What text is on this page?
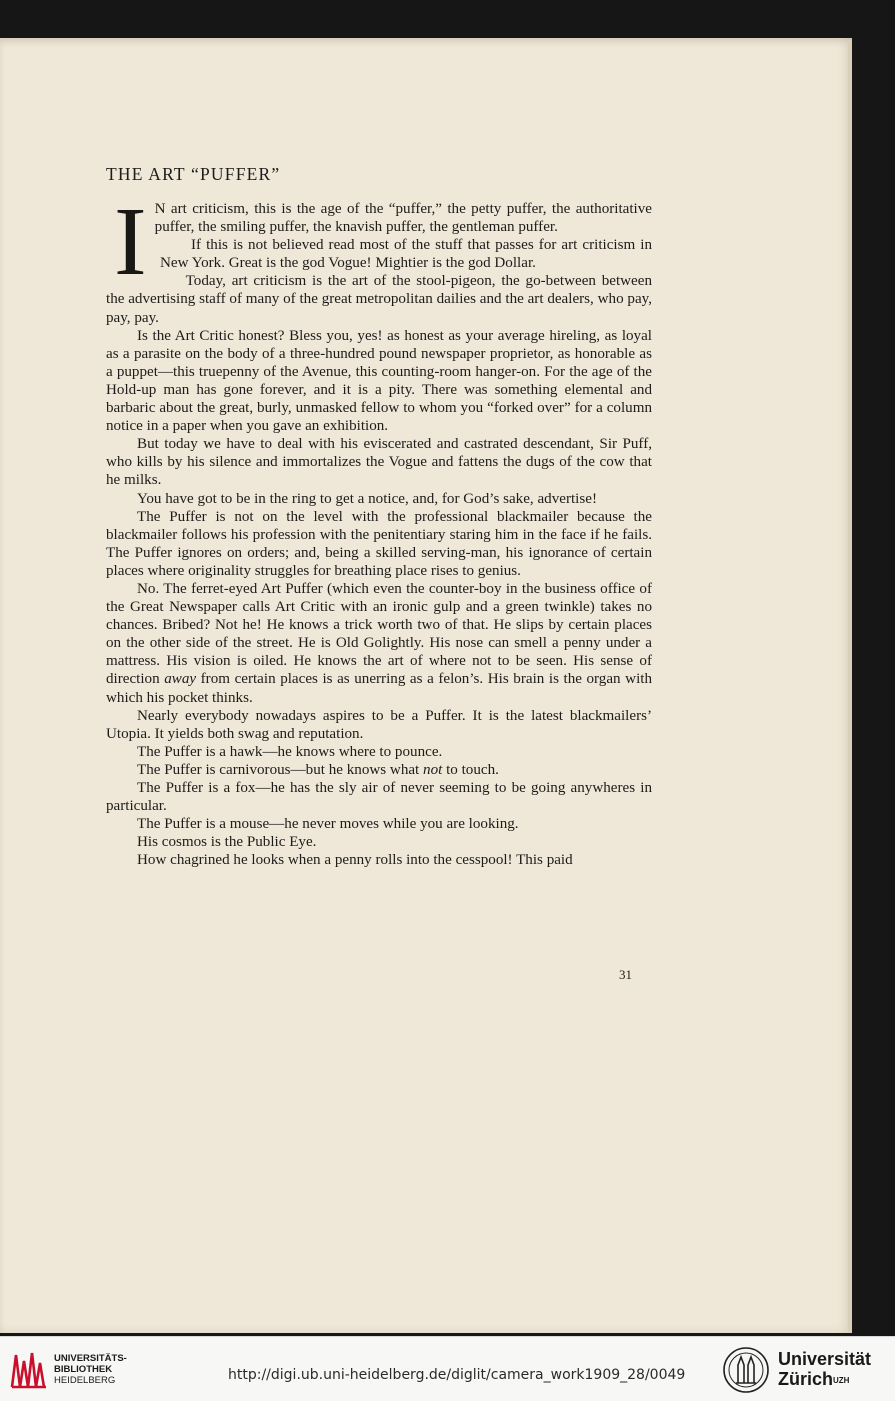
THE ART “PUFFER”
I N art criticism, this is the age of the “puffer,” the petty puffer, the authoritative puffer, the smiling puffer, the knavish puffer, the gentleman puffer.

If this is not believed read most of the stuff that passes for art criticism in New York. Great is the god Vogue! Mightier is the god Dollar.

Today, art criticism is the art of the stool-pigeon, the go-between between the advertising staff of many of the great metropolitan dailies and the art dealers, who pay, pay, pay.

Is the Art Critic honest? Bless you, yes! as honest as your average hireling, as loyal as a parasite on the body of a three-hundred pound newspaper proprietor, as honorable as a puppet—this truepenny of the Avenue, this counting-room hanger-on. For the age of the Hold-up man has gone forever, and it is a pity. There was something elemental and barbaric about the great, burly, unmasked fellow to whom you “forked over” for a column notice in a paper when you gave an exhibition.

But today we have to deal with his eviscerated and castrated descendant, Sir Puff, who kills by his silence and immortalizes the Vogue and fattens the dugs of the cow that he milks.

You have got to be in the ring to get a notice, and, for God’s sake, advertise!

The Puffer is not on the level with the professional blackmailer because the blackmailer follows his profession with the penitentiary staring him in the face if he fails. The Puffer ignores on orders; and, being a skilled serving-man, his ignorance of certain places where originality struggles for breathing place rises to genius.

No. The ferret-eyed Art Puffer (which even the counter-boy in the business office of the Great Newspaper calls Art Critic with an ironic gulp and a green twinkle) takes no chances. Bribed? Not he! He knows a trick worth two of that. He slips by certain places on the other side of the street. He is Old Golightly. His nose can smell a penny under a mattress. His vision is oiled. He knows the art of where not to be seen. His sense of direction away from certain places is as unerring as a felon’s. His brain is the organ with which his pocket thinks.

Nearly everybody nowadays aspires to be a Puffer. It is the latest blackmailers’ Utopia. It yields both swag and reputation.

The Puffer is a hawk—he knows where to pounce.

The Puffer is carnivorous—but he knows what not to touch.

The Puffer is a fox—he has the sly air of never seeming to be going anywheres in particular.

The Puffer is a mouse—he never moves while you are looking.

His cosmos is the Public Eye.

How chagrined he looks when a penny rolls into the cesspool! This paid

31
UNIVERSITÄTS-
BIBLIOTHEK
HEIDELBERG	http://digi.ub.uni-heidelberg.de/diglit/camera_work1909_28/0049
Universität
Zürich$^{UZH}$
